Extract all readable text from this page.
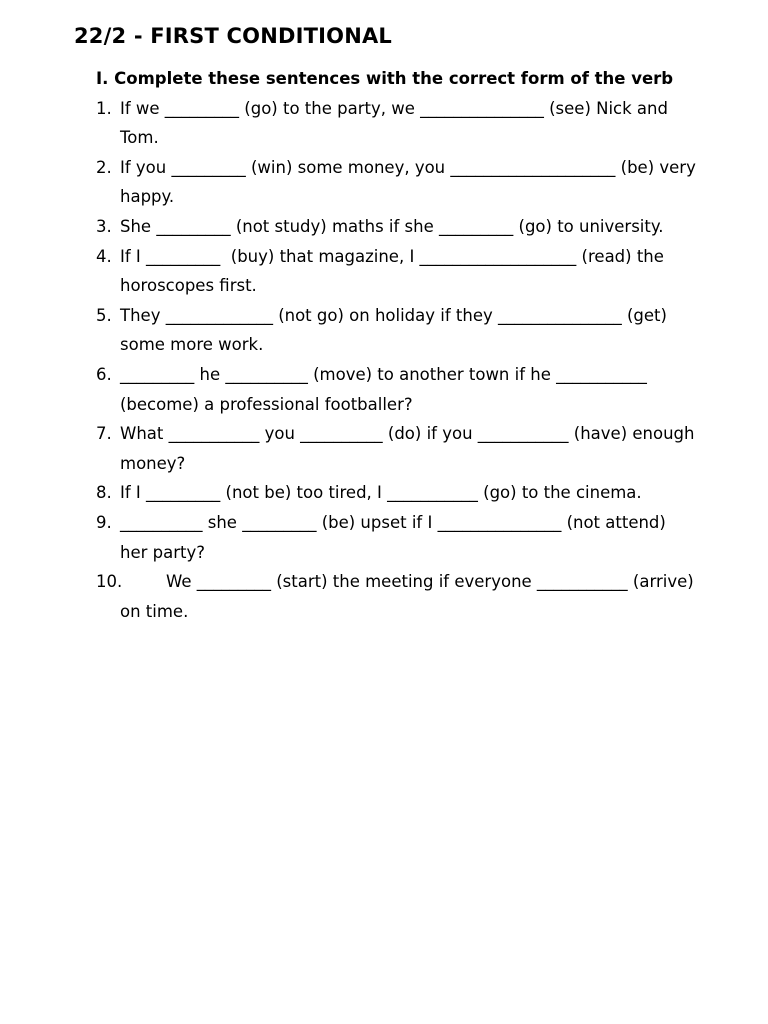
22/2 - FIRST CONDITIONAL

I. Complete these sentences with the correct form of the verb

1. If we _________ (go) to the party, we _______________ (see) Nick and Tom.
2. If you _________ (win) some money, you ____________________ (be) very happy.
3. She _________ (not study) maths if she _________ (go) to university.
4. If I _________  (buy) that magazine, I ___________________ (read) the horoscopes first.
5. They _____________ (not go) on holiday if they _______________ (get) some more work.
6. _________ he __________ (move) to another town if he ___________ (become) a professional footballer?
7. What ___________ you __________ (do) if you ___________ (have) enough money?
8. If I _________ (not be) too tired, I ___________ (go) to the cinema.
9. __________ she _________ (be) upset if I _______________ (not attend) her party?
10.	We _________ (start) the meeting if everyone ___________ (arrive) on time.
